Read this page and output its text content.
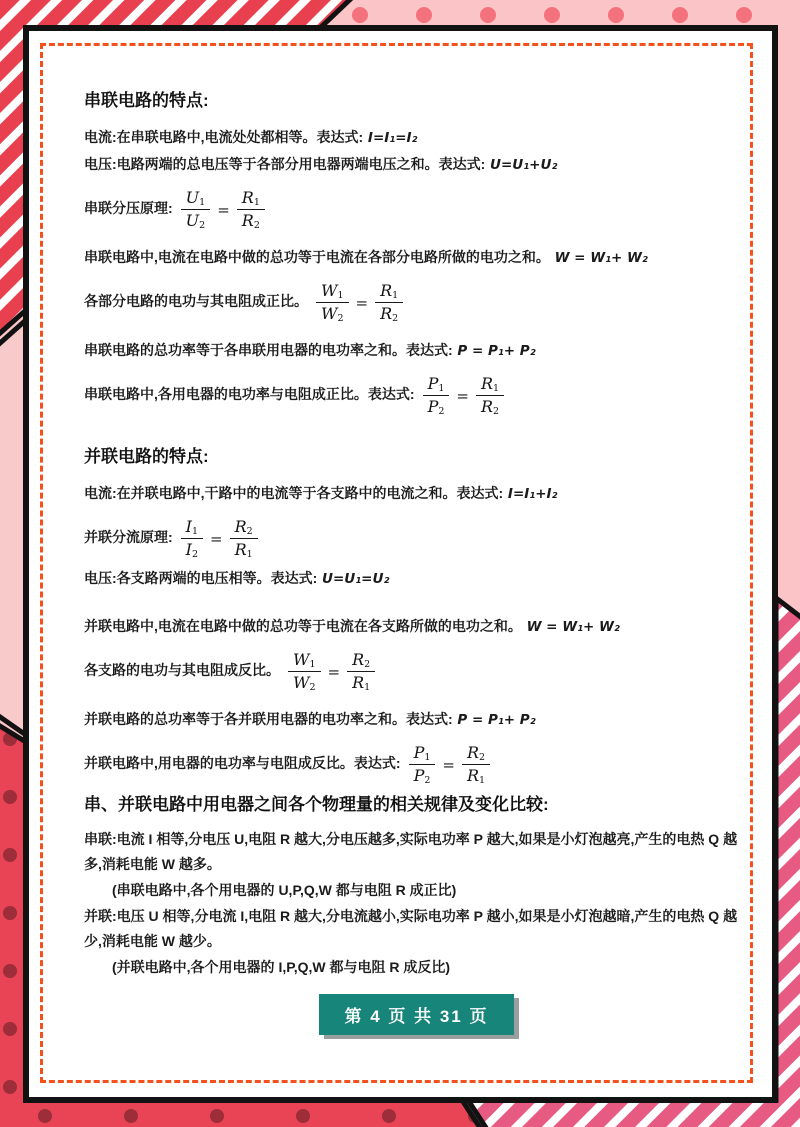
串联电路的特点:
电流:在串联电路中,电流处处都相等。表达式: I=I₁=I₂
电压:电路两端的总电压等于各部分用电器两端电压之和。表达式: U=U₁+U₂
串联分压原理: $\frac{U_1}{U_2} = \frac{R_1}{R_2}$
串联电路中,电流在电路中做的总功等于电流在各部分电路所做的电功之和。 W = W₁+ W₂
各部分电路的电功与其电阻成正比。 $\frac{W_1}{W_2} = \frac{R_1}{R_2}$
串联电路的总功率等于各串联用电器的电功率之和。表达式: P = P₁+ P₂
串联电路中,各用电器的电功率与电阻成正比。表达式: $\frac{P_1}{P_2} = \frac{R_1}{R_2}$
并联电路的特点:
电流:在并联电路中,干路中的电流等于各支路中的电流之和。表达式: I=I₁+I₂
并联分流原理: $\frac{I_1}{I_2} = \frac{R_2}{R_1}$
电压:各支路两端的电压相等。表达式: U=U₁=U₂
并联电路中,电流在电路中做的总功等于电流在各支路所做的电功之和。 W = W₁+ W₂
各支路的电功与其电阻成反比。 $\frac{W_1}{W_2} = \frac{R_2}{R_1}$
并联电路的总功率等于各并联用电器的电功率之和。表达式: P = P₁+ P₂
并联电路中,用电器的电功率与电阻成反比。表达式: $\frac{P_1}{P_2} = \frac{R_2}{R_1}$
串、并联电路中用电器之间各个物理量的相关规律及变化比较:
串联:电流 I 相等,分电压 U,电阻 R 越大,分电压越多,实际电功率 P 越大,如果是小灯泡越亮,产生的电热 Q 越多,消耗电能 W 越多。
(串联电路中,各个用电器的 U,P,Q,W 都与电阻 R 成正比)
并联:电压 U 相等,分电流 I,电阻 R 越大,分电流越小,实际电功率 P 越小,如果是小灯泡越暗,产生的电热 Q 越少,消耗电能 W 越少。
(并联电路中,各个用电器的 I,P,Q,W 都与电阻 R 成反比)
第 4 页 共 31 页
